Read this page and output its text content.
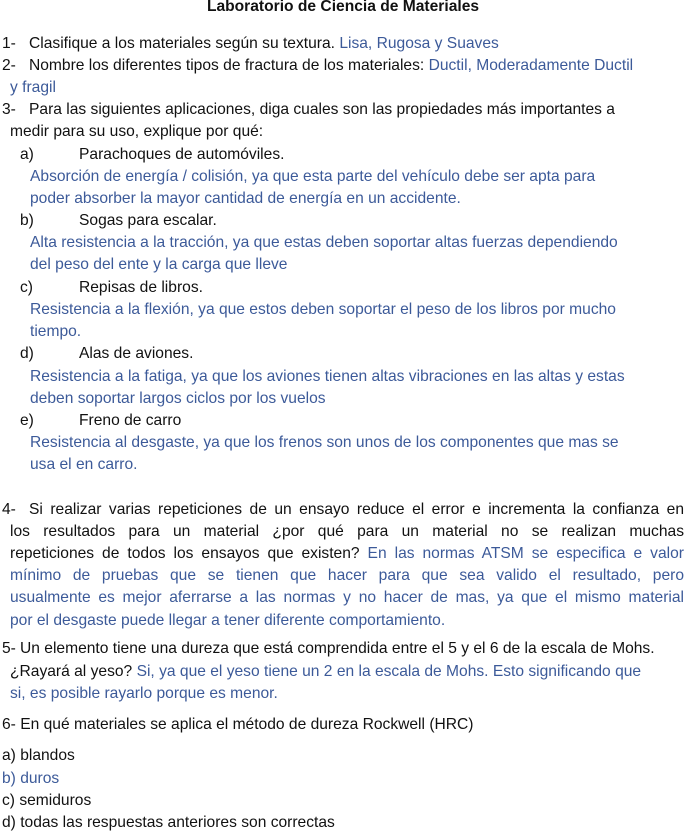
Laboratorio de Ciencia de Materiales
1- Clasifique a los materiales según su textura. Lisa, Rugosa y Suaves
2- Nombre los diferentes tipos de fractura de los materiales: Ductil, Moderadamente Ductil
y fragil
3- Para las siguientes aplicaciones, diga cuales son las propiedades más importantes a
medir para su uso, explique por qué:
a)	Parachoques de automóviles.
Absorción de energía / colisión, ya que esta parte del vehículo debe ser apta para
poder absorber la mayor cantidad de energía en un accidente.
b)	Sogas para escalar.
Alta resistencia a la tracción, ya que estas deben soportar altas fuerzas dependiendo
del peso del ente y la carga que lleve
c)	Repisas de libros.
Resistencia a la flexión, ya que estos deben soportar el peso de los libros por mucho
tiempo.
d)	Alas de aviones.
Resistencia a la fatiga, ya que los aviones tienen altas vibraciones en las altas y estas
deben soportar largos ciclos por los vuelos
e)	Freno de carro
Resistencia al desgaste, ya que los frenos son unos de los componentes que mas se
usa el en carro.
4- Si realizar varias repeticiones de un ensayo reduce el error e incrementa la confianza en
los resultados para un material ¿por qué para un material no se realizan muchas
repeticiones de todos los ensayos que existen? En las normas ATSM se especifica e valor
mínimo de pruebas que se tienen que hacer para que sea valido el resultado, pero
usualmente es mejor aferrarse a las normas y no hacer de mas, ya que el mismo material
por el desgaste puede llegar a tener diferente comportamiento.
5- Un elemento tiene una dureza que está comprendida entre el 5 y el 6 de la escala de Mohs.
¿Rayará al yeso? Si, ya que el yeso tiene un 2 en la escala de Mohs. Esto significando que
si, es posible rayarlo porque es menor.
6- En qué materiales se aplica el método de dureza Rockwell (HRC)
a) blandos
b) duros
c) semiduros
d) todas las respuestas anteriores son correctas
